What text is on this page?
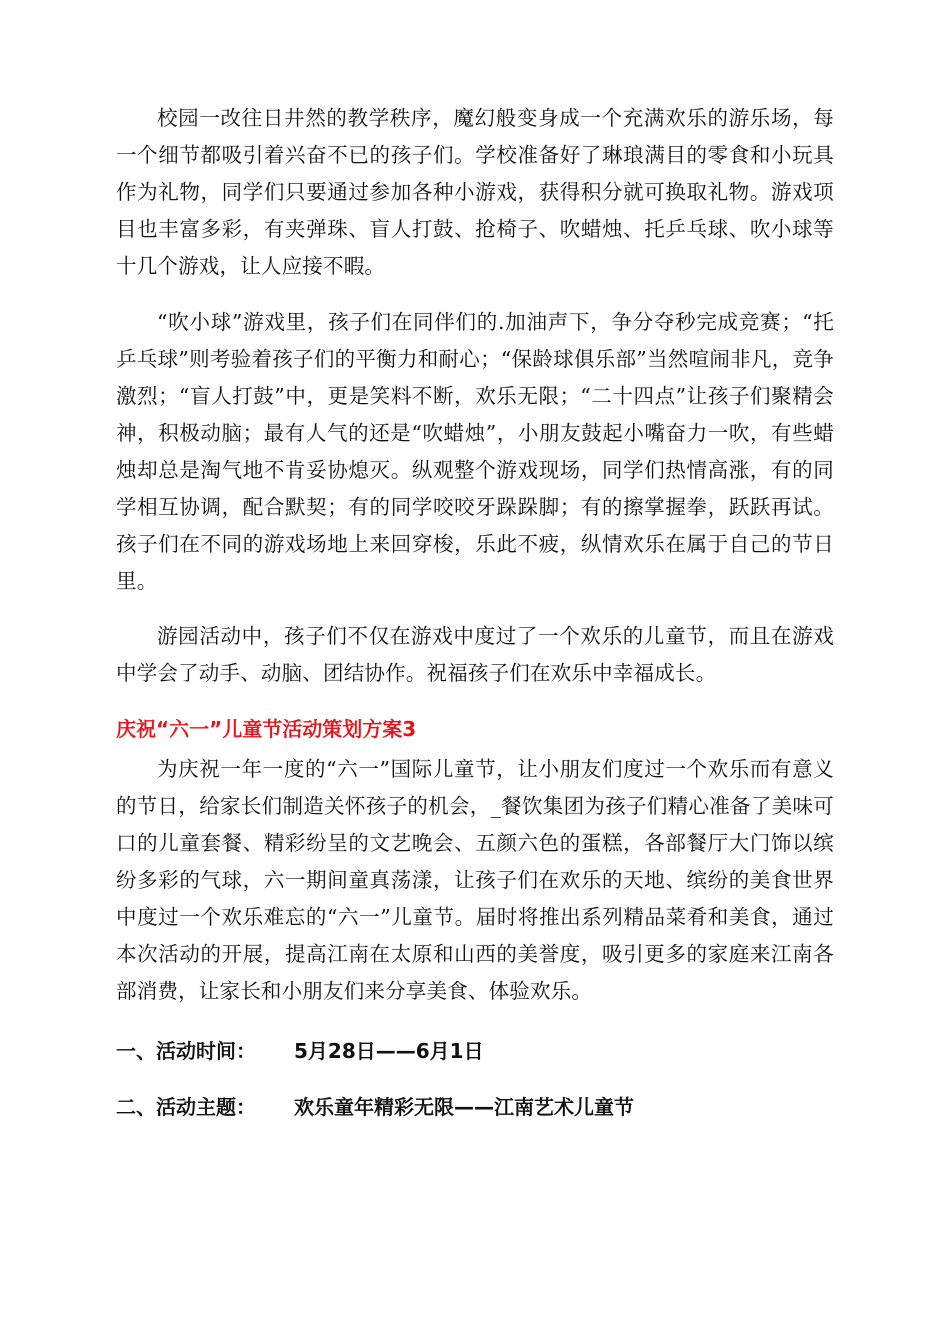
校园一改往日井然的教学秩序，魔幻般变身成一个充满欢乐的游乐场，每一个细节都吸引着兴奋不已的孩子们。学校准备好了琳琅满目的零食和小玩具作为礼物，同学们只要通过参加各种小游戏，获得积分就可换取礼物。游戏项目也丰富多彩，有夹弹珠、盲人打鼓、抢椅子、吹蜡烛、托乒乓球、吹小球等十几个游戏，让人应接不暇。

“吹小球”游戏里，孩子们在同伴们的.加油声下，争分夺秒完成竞赛；“托乒乓球”则考验着孩子们的平衡力和耐心；“保龄球俱乐部”当然喧闹非凡，竞争激烈；“盲人打鼓”中，更是笑料不断，欢乐无限；“二十四点”让孩子们聚精会神，积极动脑；最有人气的还是“吹蜡烛”，小朋友鼓起小嘴奋力一吹，有些蜡烛却总是淘气地不肯妥协熄灭。纵观整个游戏现场，同学们热情高涨，有的同学相互协调，配合默契；有的同学咬咬牙跺跺脚；有的擦掌握拳，跃跃再试。孩子们在不同的游戏场地上来回穿梭，乐此不疲，纵情欢乐在属于自己的节日里。

游园活动中，孩子们不仅在游戏中度过了一个欢乐的儿童节，而且在游戏中学会了动手、动脑、团结协作。祝福孩子们在欢乐中幸福成长。

庆祝“六一”儿童节活动策划方案3

为庆祝一年一度的“六一”国际儿童节，让小朋友们度过一个欢乐而有意义的节日，给家长们制造关怀孩子的机会，_餐饮集团为孩子们精心准备了美味可口的儿童套餐、精彩纷呈的文艺晚会、五颜六色的蛋糕，各部餐厅大门饰以缤纷多彩的气球，六一期间童真荡漾，让孩子们在欢乐的天地、缤纷的美食世界中度过一个欢乐难忘的“六一”儿童节。届时将推出系列精品菜肴和美食，通过本次活动的开展，提高江南在太原和山西的美誉度，吸引更多的家庭来江南各部消费，让家长和小朋友们来分享美食、体验欢乐。

一、活动时间：	5月28日——6月1日
二、活动主题：	欢乐童年精彩无限——江南艺术儿童节
